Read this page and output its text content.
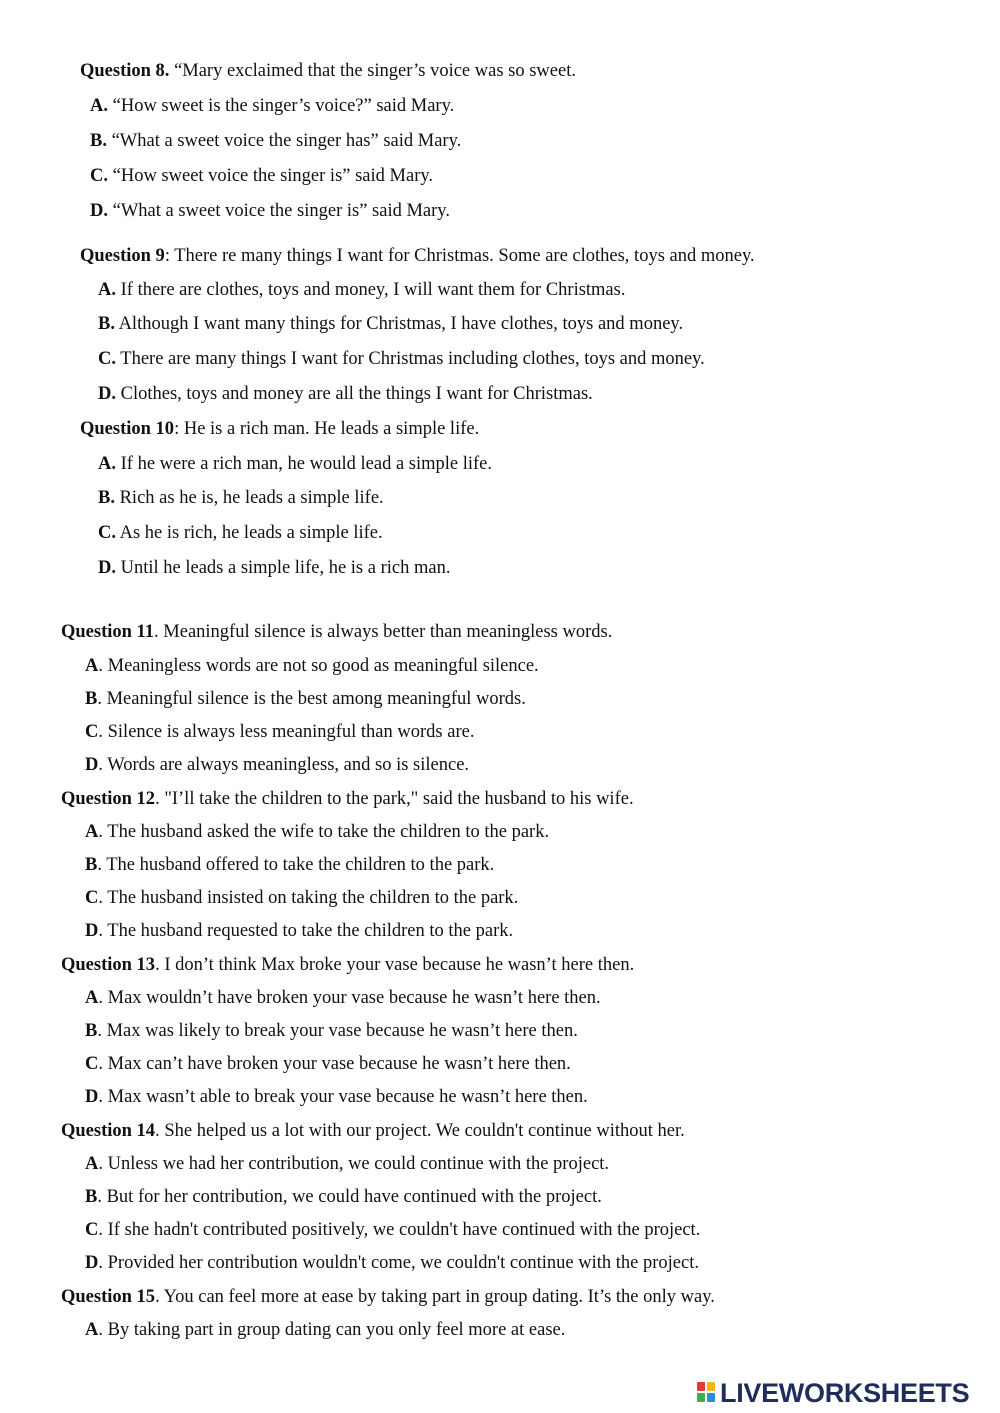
Question 8. “Mary exclaimed that the singer’s voice was so sweet.
A. “How sweet is the singer’s voice?” said Mary.
B. “What a sweet voice the singer has” said Mary.
C. “How sweet voice the singer is” said Mary.
D. “What a sweet voice the singer is” said Mary.
Question 9: There re many things I want for Christmas. Some are clothes, toys and money.
A. If there are clothes, toys and money, I will want them for Christmas.
B. Although I want many things for Christmas, I have clothes, toys and money.
C. There are many things I want for Christmas including clothes, toys and money.
D. Clothes, toys and money are all the things I want for Christmas.
Question 10: He is a rich man. He leads a simple life.
A. If he were a rich man, he would lead a simple life.
B. Rich as he is, he leads a simple life.
C. As he is rich, he leads a simple life.
D. Until he leads a simple life, he is a rich man.
Question 11. Meaningful silence is always better than meaningless words.
A. Meaningless words are not so good as meaningful silence.
B. Meaningful silence is the best among meaningful words.
C. Silence is always less meaningful than words are.
D. Words are always meaningless, and so is silence.
Question 12. "I’ll take the children to the park," said the husband to his wife.
A. The husband asked the wife to take the children to the park.
B. The husband offered to take the children to the park.
C. The husband insisted on taking the children to the park.
D. The husband requested to take the children to the park.
Question 13. I don’t think Max broke your vase because he wasn’t here then.
A. Max wouldn’t have broken your vase because he wasn’t here then.
B. Max was likely to break your vase because he wasn’t here then.
C. Max can’t have broken your vase because he wasn’t here then.
D. Max wasn’t able to break your vase because he wasn’t here then.
Question 14. She helped us a lot with our project. We couldn't continue without her.
A. Unless we had her contribution, we could continue with the project.
B. But for her contribution, we could have continued with the project.
C. If she hadn't contributed positively, we couldn't have continued with the project.
D. Provided her contribution wouldn't come, we couldn't continue with the project.
Question 15. You can feel more at ease by taking part in group dating. It’s the only way.
A. By taking part in group dating can you only feel more at ease.
LIVEWORKSHEETS
